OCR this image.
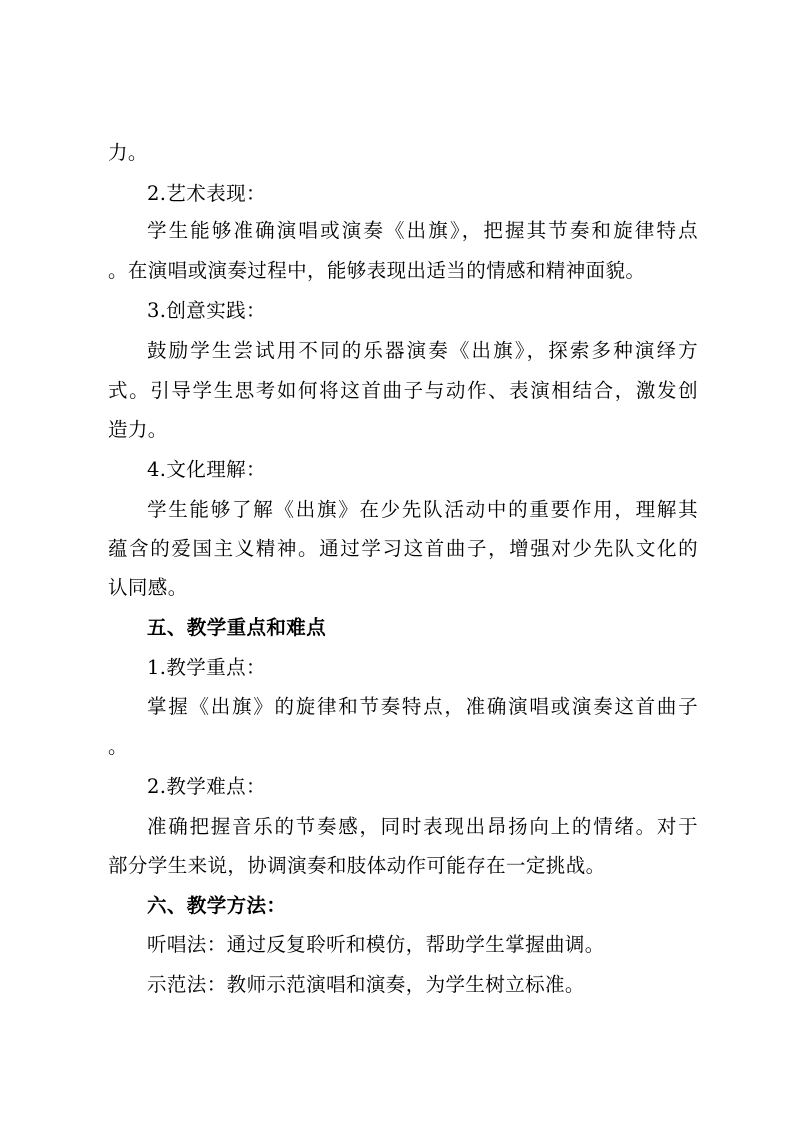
力。
2.艺术表现：
学生能够准确演唱或演奏《出旗》，把握其节奏和旋律特点
。在演唱或演奏过程中，能够表现出适当的情感和精神面貌。
3.创意实践：
鼓励学生尝试用不同的乐器演奏《出旗》，探索多种演绎方
式。引导学生思考如何将这首曲子与动作、表演相结合，激发创
造力。
4.文化理解：
学生能够了解《出旗》在少先队活动中的重要作用，理解其
蕴含的爱国主义精神。通过学习这首曲子，增强对少先队文化的
认同感。
五、教学重点和难点
1.教学重点：
掌握《出旗》的旋律和节奏特点，准确演唱或演奏这首曲子
。
2.教学难点：
准确把握音乐的节奏感，同时表现出昂扬向上的情绪。对于
部分学生来说，协调演奏和肢体动作可能存在一定挑战。
六、教学方法：
听唱法：通过反复聆听和模仿，帮助学生掌握曲调。
示范法：教师示范演唱和演奏，为学生树立标准。
